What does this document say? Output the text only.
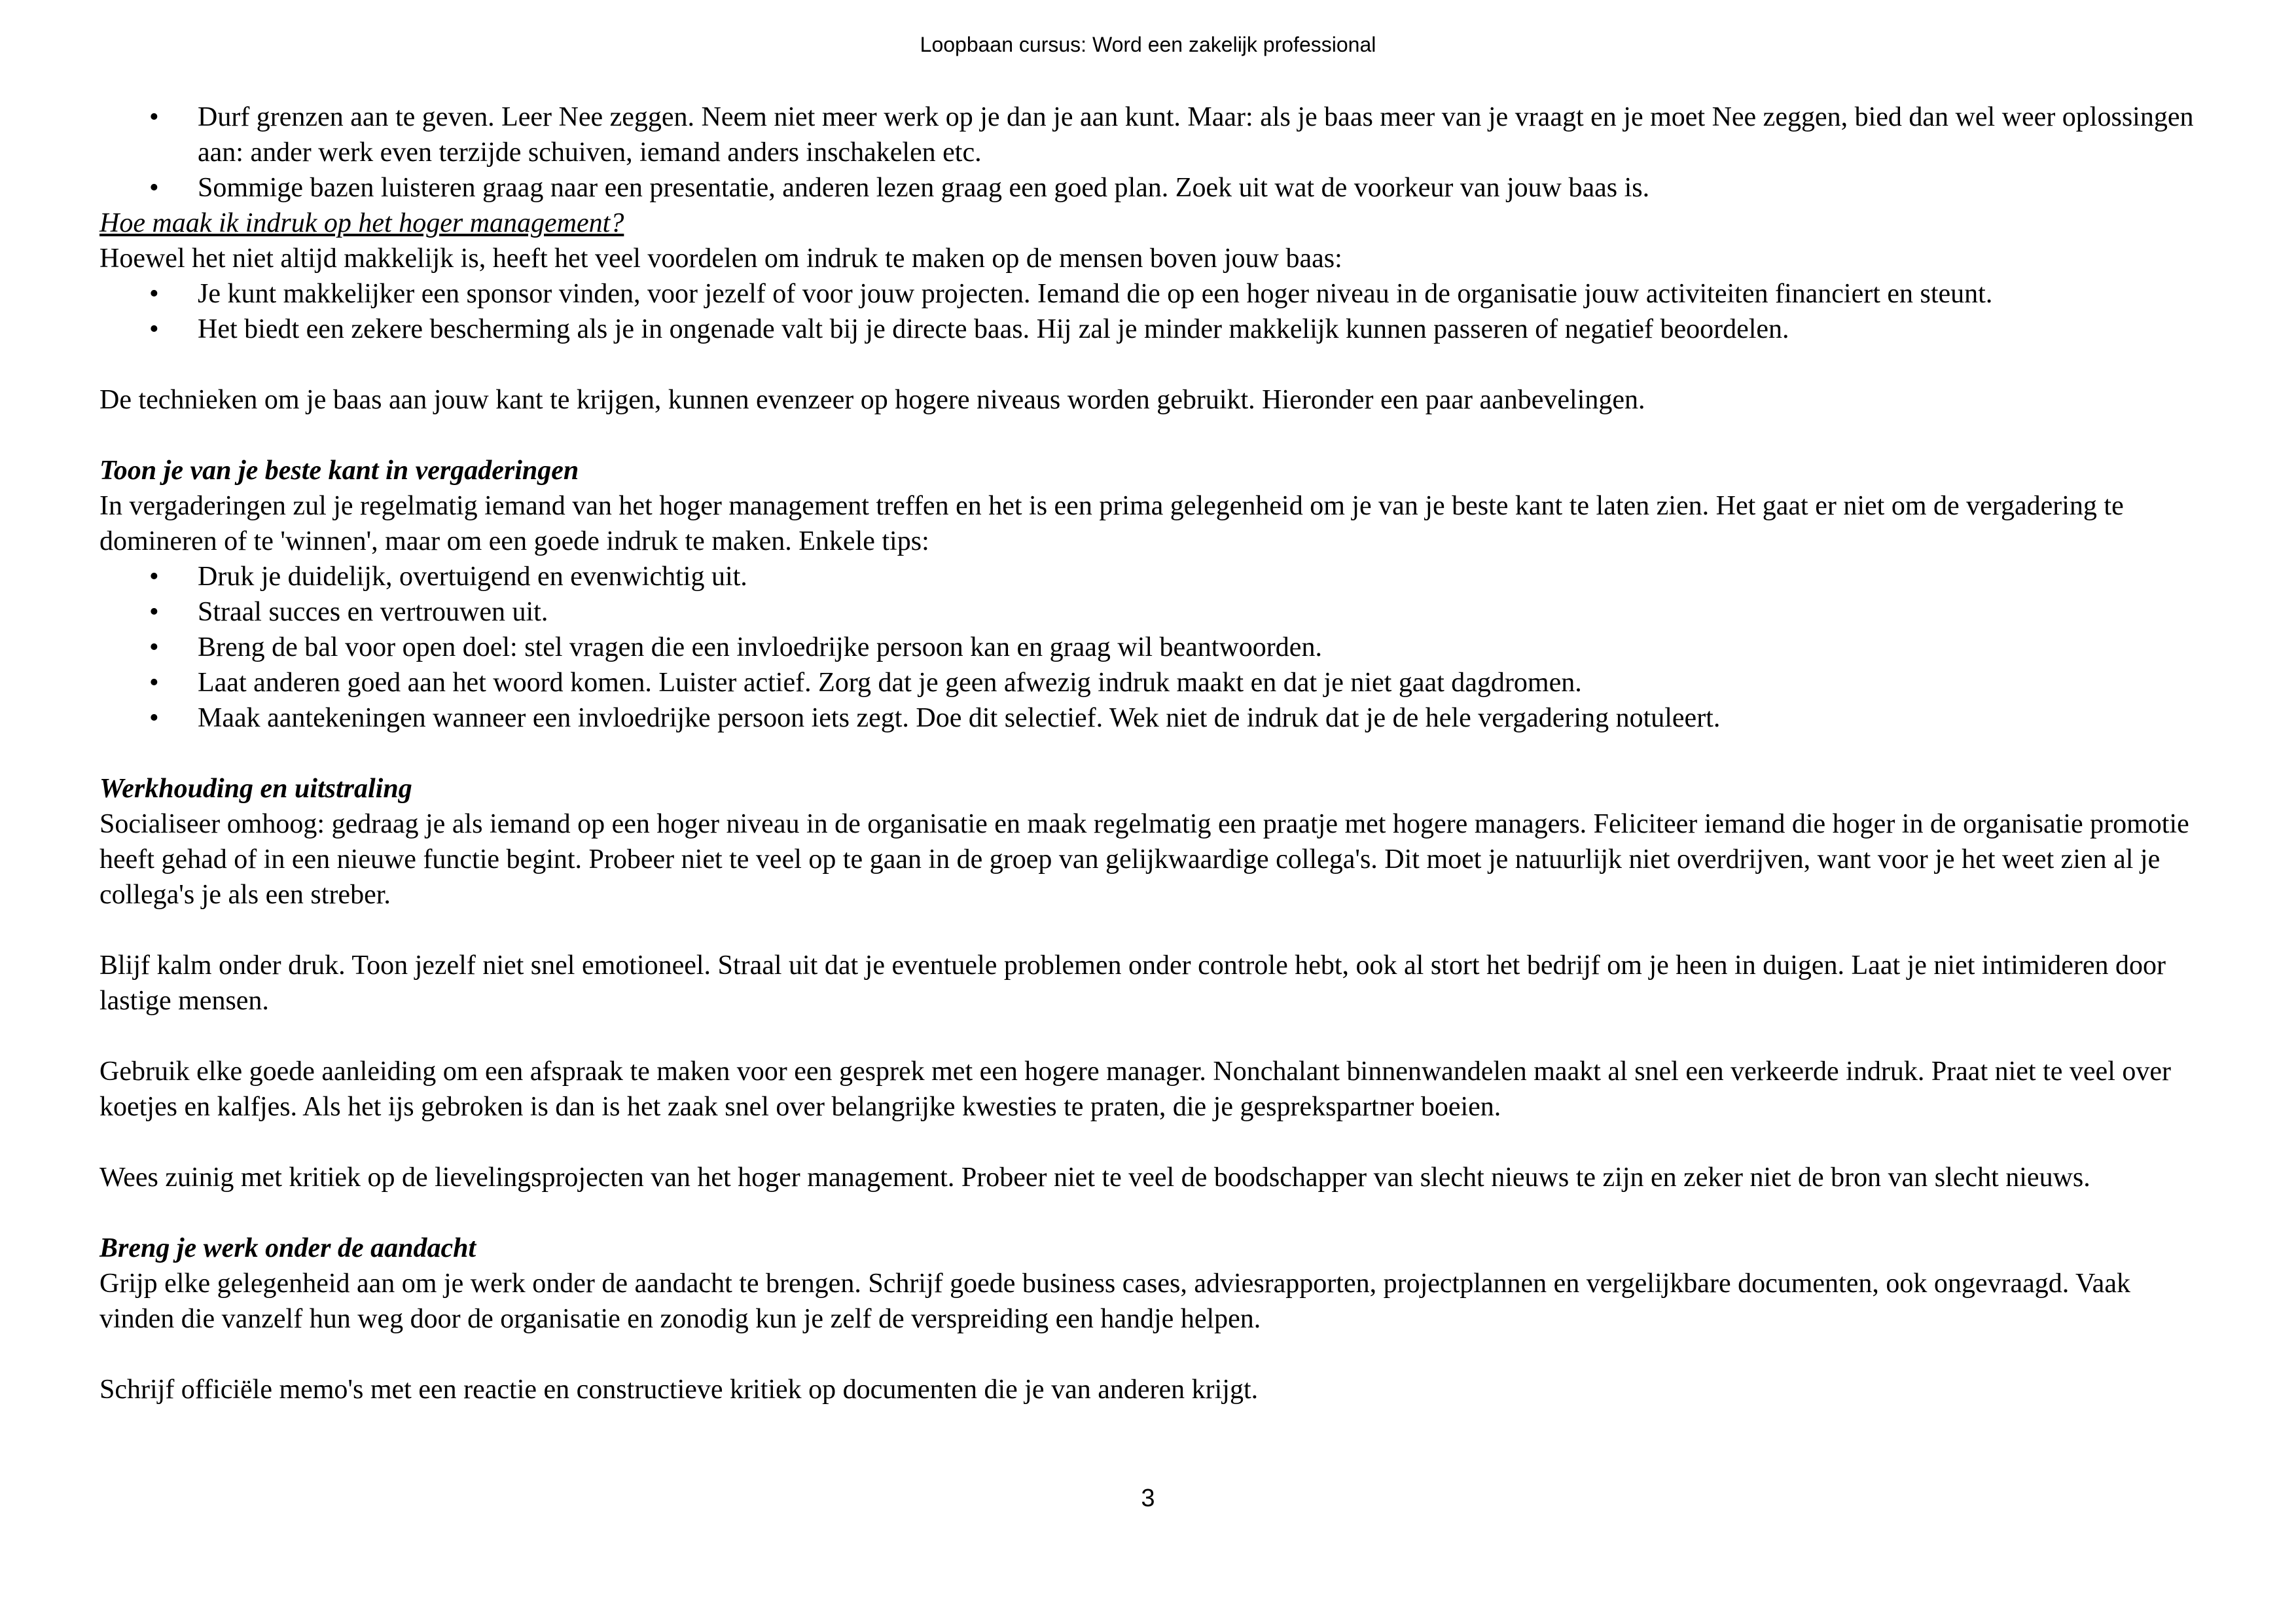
Loopbaan cursus: Word een zakelijk professional
• Durf grenzen aan te geven. Leer Nee zeggen. Neem niet meer werk op je dan je aan kunt. Maar: als je baas meer van je vraagt en je moet Nee zeggen, bied dan wel weer oplossingen aan: ander werk even terzijde schuiven, iemand anders inschakelen etc.
• Sommige bazen luisteren graag naar een presentatie, anderen lezen graag een goed plan. Zoek uit wat de voorkeur van jouw baas is.

Hoe maak ik indruk op het hoger management?

Hoewel het niet altijd makkelijk is, heeft het veel voordelen om indruk te maken op de mensen boven jouw baas:

• Je kunt makkelijker een sponsor vinden, voor jezelf of voor jouw projecten. Iemand die op een hoger niveau in de organisatie jouw activiteiten financiert en steunt.
• Het biedt een zekere bescherming als je in ongenade valt bij je directe baas. Hij zal je minder makkelijk kunnen passeren of negatief beoordelen.

De technieken om je baas aan jouw kant te krijgen, kunnen evenzeer op hogere niveaus worden gebruikt. Hieronder een paar aanbevelingen.

Toon je van je beste kant in vergaderingen

In vergaderingen zul je regelmatig iemand van het hoger management treffen en het is een prima gelegenheid om je van je beste kant te laten zien. Het gaat er niet om de vergadering te domineren of te 'winnen', maar om een goede indruk te maken. Enkele tips:

• Druk je duidelijk, overtuigend en evenwichtig uit.
• Straal succes en vertrouwen uit.
• Breng de bal voor open doel: stel vragen die een invloedrijke persoon kan en graag wil beantwoorden.
• Laat anderen goed aan het woord komen. Luister actief. Zorg dat je geen afwezig indruk maakt en dat je niet gaat dagdromen.
• Maak aantekeningen wanneer een invloedrijke persoon iets zegt. Doe dit selectief. Wek niet de indruk dat je de hele vergadering notuleert.

Werkhouding en uitstraling

Socialiseer omhoog: gedraag je als iemand op een hoger niveau in de organisatie en maak regelmatig een praatje met hogere managers. Feliciteer iemand die hoger in de organisatie promotie heeft gehad of in een nieuwe functie begint. Probeer niet te veel op te gaan in de groep van gelijkwaardige collega's. Dit moet je natuurlijk niet overdrijven, want voor je het weet zien al je collega's je als een streber.

Blijf kalm onder druk. Toon jezelf niet snel emotioneel. Straal uit dat je eventuele problemen onder controle hebt, ook al stort het bedrijf om je heen in duigen. Laat je niet intimideren door lastige mensen.

Gebruik elke goede aanleiding om een afspraak te maken voor een gesprek met een hogere manager. Nonchalant binnenwandelen maakt al snel een verkeerde indruk. Praat niet te veel over koetjes en kalfjes. Als het ijs gebroken is dan is het zaak snel over belangrijke kwesties te praten, die je gesprekspartner boeien.

Wees zuinig met kritiek op de lievelingsprojecten van het hoger management. Probeer niet te veel de boodschapper van slecht nieuws te zijn en zeker niet de bron van slecht nieuws.

Breng je werk onder de aandacht

Grijp elke gelegenheid aan om je werk onder de aandacht te brengen. Schrijf goede business cases, adviesrapporten, projectplannen en vergelijkbare documenten, ook ongevraagd. Vaak vinden die vanzelf hun weg door de organisatie en zonodig kun je zelf de verspreiding een handje helpen.

Schrijf officiële memo's met een reactie en constructieve kritiek op documenten die je van anderen krijgt.

3
